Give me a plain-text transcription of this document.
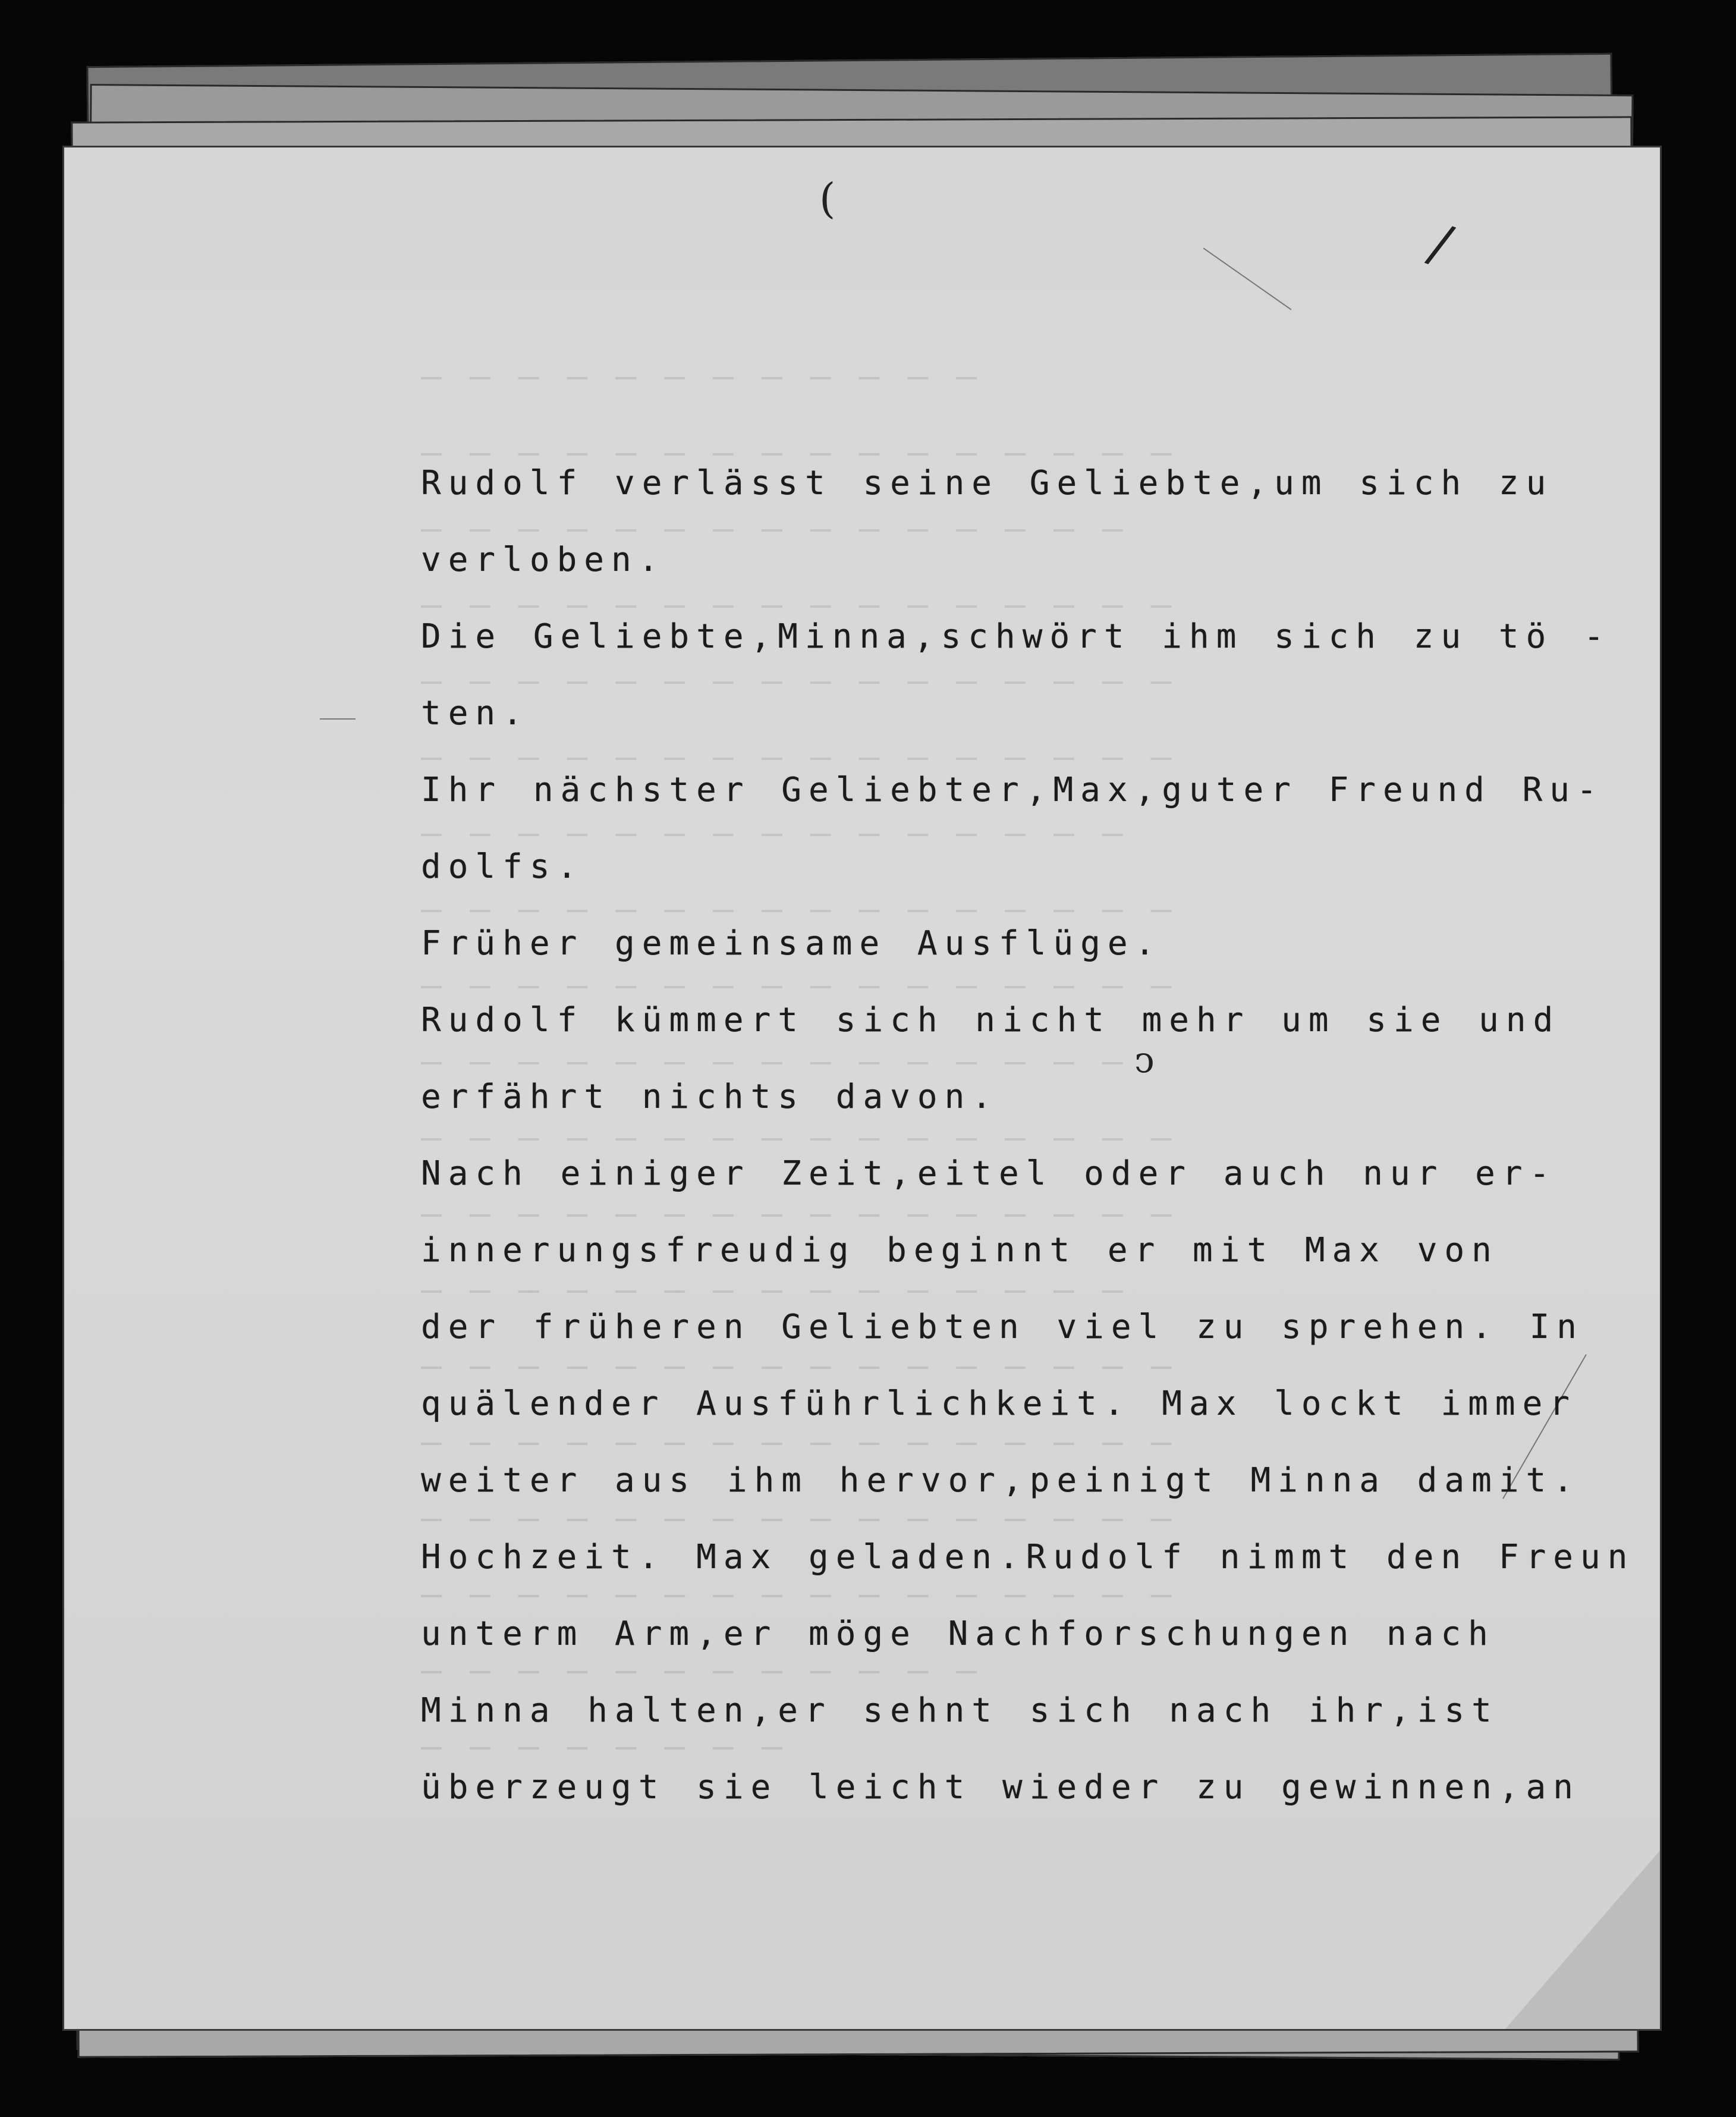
― ― ― ― ― ― ― ― ― ― ― ―
― ― ― ― ― ― ― ― ― ― ― ― ― ― ― ―
― ― ― ― ― ― ― ― ― ― ― ― ― ― ―
― ― ― ― ― ― ― ― ― ― ― ― ― ― ― ―
― ― ― ― ― ― ― ― ― ― ― ― ― ― ― ―
― ― ― ― ― ― ― ― ― ― ― ― ― ― ― ―
― ― ― ― ― ― ― ― ― ― ― ― ― ― ―
― ― ― ― ― ― ― ― ― ― ― ― ― ― ― ―
― ― ― ― ― ― ― ― ― ― ― ― ― ― ― ―
― ― ― ― ― ― ― ― ― ― ― ― ― ― ―
― ― ― ― ― ― ― ― ― ― ― ― ― ― ― ―
― ― ― ― ― ― ― ― ― ― ― ― ― ― ― ―
― ― ― ― ― ― ― ― ― ― ― ― ― ― ―
― ― ― ― ― ― ― ― ― ― ― ― ― ― ― ―
― ― ― ― ― ― ― ― ― ― ― ― ― ― ― ―
― ― ― ― ― ― ― ― ― ― ― ― ― ― ― ―
― ― ― ― ― ― ― ― ― ― ― ― ― ― ― ―
― ― ― ― ― ― ― ― ― ― ― ―
― ― ― ― ― ― ― ―
(
/
ↄ
Rudolf verlässt seine Geliebte,um sich zu
verloben.
Die Geliebte,Minna,schwört ihm sich zu tö -
ten.
Ihr nächster Geliebter,Max,guter Freund Ru-
dolfs.
Früher gemeinsame Ausflüge.
Rudolf kümmert sich nicht mehr um sie und
erfährt nichts davon.
Nach einiger Zeit,eitel oder auch nur er-
innerungsfreudig beginnt er mit Max von
der früheren Geliebten viel zu sprehen. In
quälender Ausführlichkeit. Max lockt immer
weiter aus ihm hervor,peinigt Minna damit.
Hochzeit. Max geladen.Rudolf nimmt den Freun
unterm Arm,er möge Nachforschungen nach
Minna halten,er sehnt sich nach ihr,ist
überzeugt sie leicht wieder zu gewinnen,an
